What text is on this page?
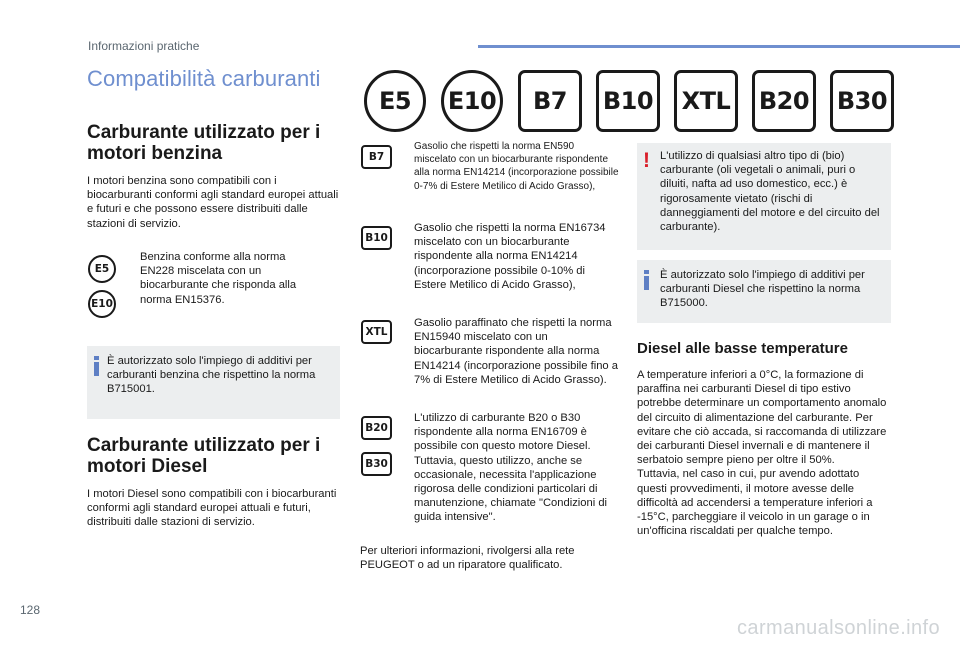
Informazioni pratiche
Compatibilità carburanti
E5	E10	B7	B10	XTL	B20 B30
Carburante utilizzato per i
motori benzina

I motori benzina sono compatibili con i biocarburanti conformi agli standard europei attuali e futuri e che possono essere distribuiti dalle stazioni di servizio.

E5
E10

Benzina conforme alla norma EN228 miscelata con un biocarburante che risponda alla norma EN15376.

È autorizzato solo l'impiego di additivi per carburanti benzina che rispettino la norma B715001.

Carburante utilizzato per i
motori Diesel

I motori Diesel sono compatibili con i biocarburanti conformi agli standard europei attuali e futuri, distribuiti dalle stazioni di servizio.

B7

Gasolio che rispetti la norma EN590 miscelato con un biocarburante rispondente alla norma EN14214 (incorporazione possibile 0-7% di Estere Metilico di Acido Grasso),

B10

Gasolio che rispetti la norma EN16734 miscelato con un biocarburante rispondente alla norma EN14214 (incorporazione possibile 0-10% di Estere Metilico di Acido Grasso),

XTL

Gasolio paraffinato che rispetti la norma EN15940 miscelato con un biocarburante rispondente alla norma EN14214 (incorporazione possibile fino a 7% di Estere Metilico di Acido Grasso).

B20
B30

L'utilizzo di carburante B20 o B30 rispondente alla norma EN16709 è possibile con questo motore Diesel. Tuttavia, questo utilizzo, anche se occasionale, necessita l'applicazione rigorosa delle condizioni particolari di manutenzione, chiamate "Condizioni di guida intensive".

Per ulteriori informazioni, rivolgersi alla rete PEUGEOT o ad un riparatore qualificato.

! L'utilizzo di qualsiasi altro tipo di (bio) carburante (oli vegetali o animali, puri o diluiti, nafta ad uso domestico, ecc.) è rigorosamente vietato (rischi di danneggiamenti del motore e del circuito del carburante).

È autorizzato solo l'impiego di additivi per carburanti Diesel che rispettino la norma B715000.

Diesel alle basse temperature

A temperature inferiori a 0°C, la formazione di paraffina nei carburanti Diesel di tipo estivo potrebbe determinare un comportamento anomalo del circuito di alimentazione del carburante. Per evitare che ciò accada, si raccomanda di utilizzare dei carburanti Diesel invernali e di mantenere il serbatoio sempre pieno per oltre il 50%.

Tuttavia, nel caso in cui, pur avendo adottato questi provvedimenti, il motore avesse delle difficoltà ad accendersi a temperature inferiori a -15°C, parcheggiare il veicolo in un garage o in un'officina riscaldati per qualche tempo.

128
carmanualsonline.info
